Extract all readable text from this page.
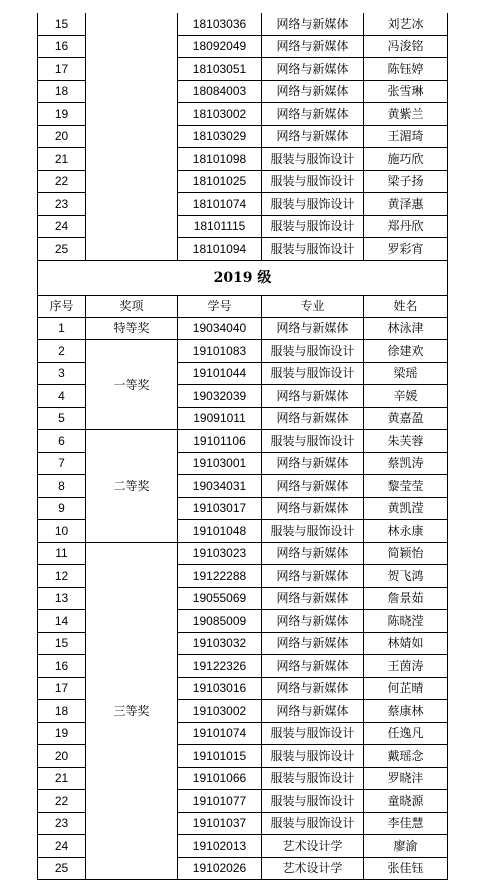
15		18103036	网络与新媒体	刘艺冰
16		18092049	网络与新媒体	冯浚铭
17		18103051	网络与新媒体	陈钰婷
18		18084003	网络与新媒体	张雪琳
19		18103002	网络与新媒体	黄紫兰
20		18103029	网络与新媒体	王湄琦
21		18101098	服装与服饰设计	施巧欣
22		18101025	服装与服饰设计	梁子扬
23		18101074	服装与服饰设计	黄泽惠
24		18101115	服装与服饰设计	郑丹欣
25		18101094	服装与服饰设计	罗彩宵
2019 级				
序号	奖项	学号	专业	姓名
1	特等奖	19034040	网络与新媒体	林泳津
2	一等奖	19101083	服装与服饰设计	徐建欢
3		19101044	服装与服饰设计	梁瑶
4		19032039	网络与新媒体	辛媛
5		19091011	网络与新媒体	黄嘉盈
6	二等奖	19101106	服装与服饰设计	朱芙蓉
7		19103001	网络与新媒体	蔡凯涛
8		19034031	网络与新媒体	黎莹莹
9		19103017	网络与新媒体	黄凯滢
10		19101048	服装与服饰设计	林永康
11	三等奖	19103023	网络与新媒体	简颖怡
12		19122288	网络与新媒体	贺飞鸿
13		19055069	网络与新媒体	詹景茹
14		19085009	网络与新媒体	陈晓滢
15		19103032	网络与新媒体	林婧如
16		19122326	网络与新媒体	王茵涛
17		19103016	网络与新媒体	何芷晴
18		19103002	网络与新媒体	蔡康林
19		19101074	服装与服饰设计	任逸凡
20		19101015	服装与服饰设计	戴瑶念
21		19101066	服装与服饰设计	罗晓沣
22		19101077	服装与服饰设计	童晓源
23		19101037	服装与服饰设计	李佳慧
24		19102013	艺术设计学	廖渝
25		19102026	艺术设计学	张佳钰
